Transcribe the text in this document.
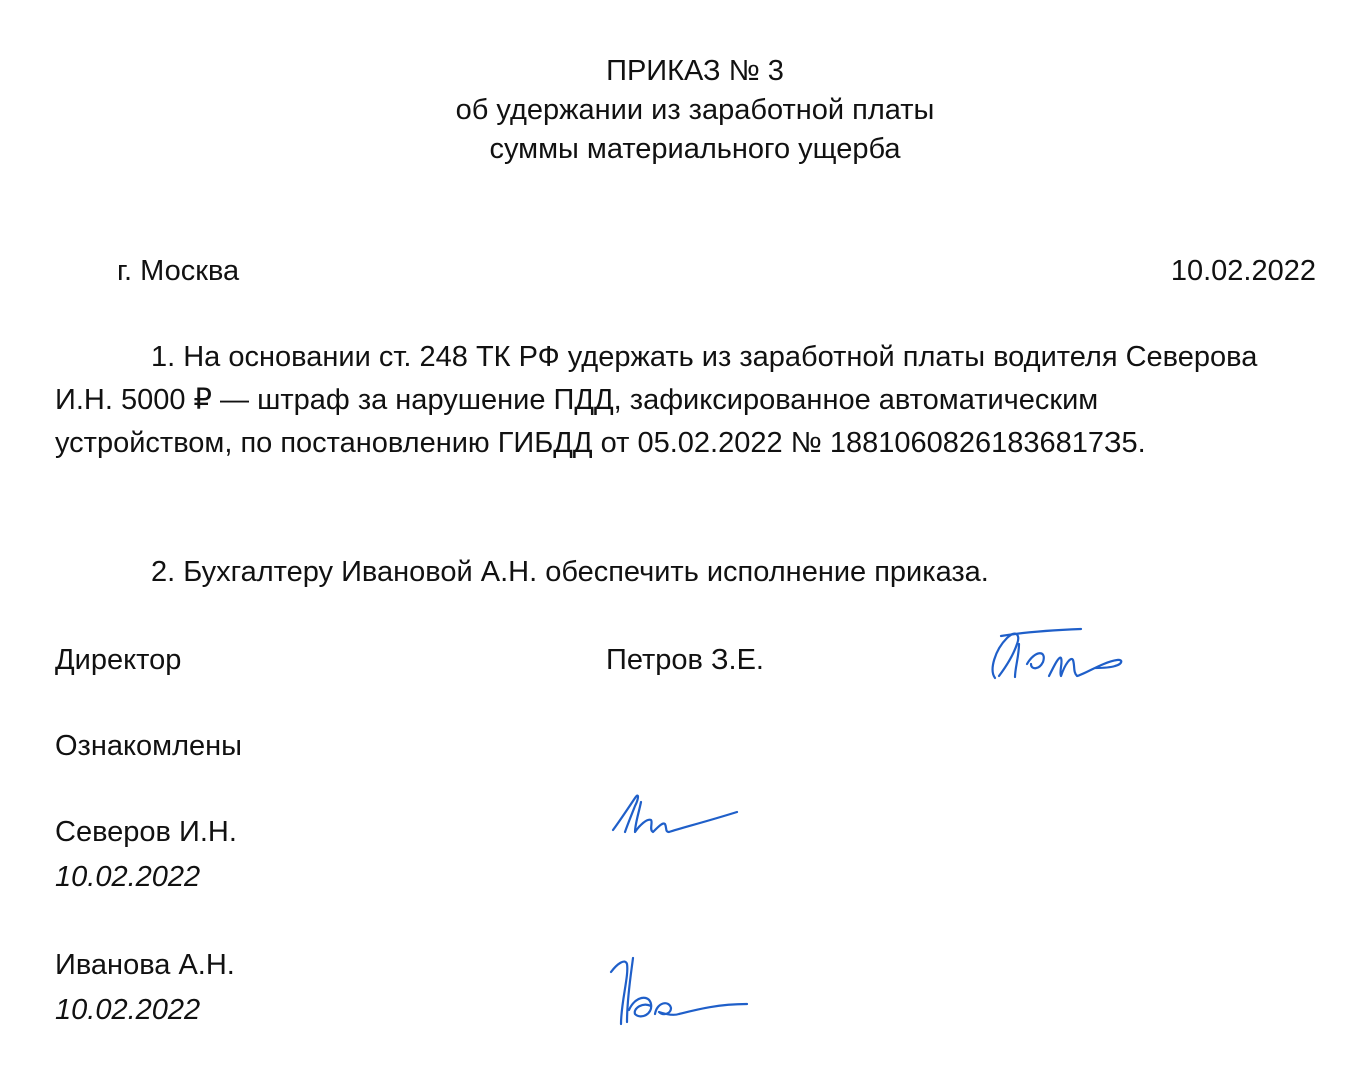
ПРИКАЗ № 3
об удержании из заработной платы
суммы материального ущерба
г. Москва	10.02.2022

1. На основании ст. 248 ТК РФ удержать из заработной платы водителя Северова И.Н. 5000 ₽ — штраф за нарушение ПДД, зафиксированное автоматическим устройством, по постановлению ГИБДД от 05.02.2022 № 18810608261836817З5.

2. Бухгалтеру Ивановой А.Н. обеспечить исполнение приказа.

Директор	Петров З.Е.
Ознакомлены
Северов И.Н.
10.02.2022
Иванова А.Н.
10.02.2022
